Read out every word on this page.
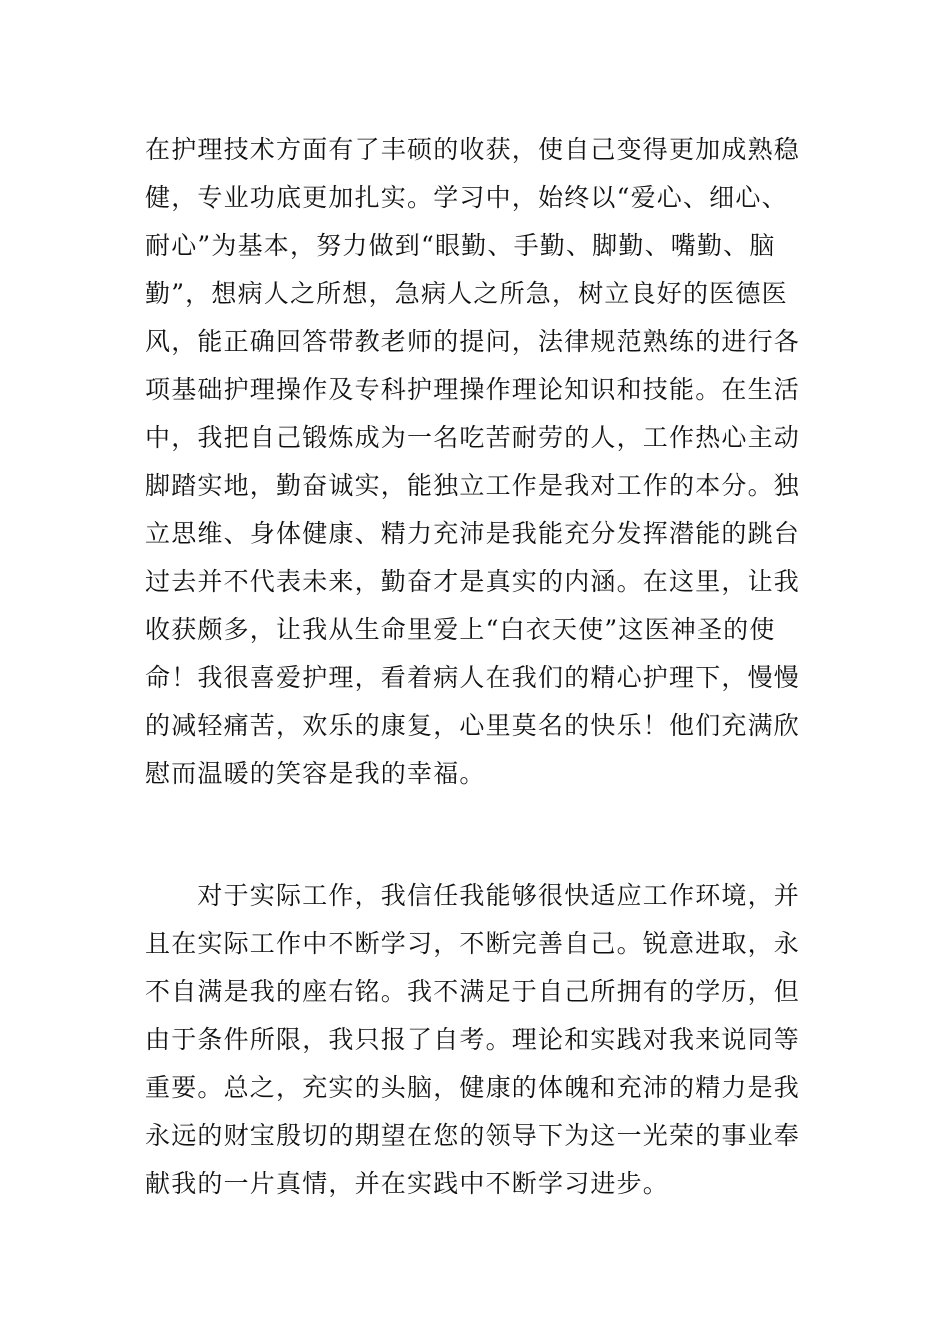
在护理技术方面有了丰硕的收获，使自己变得更加成熟稳
健，专业功底更加扎实。学习中，始终以“爱心、细心、
耐心”为基本，努力做到“眼勤、手勤、脚勤、嘴勤、脑
勤”，想病人之所想，急病人之所急，树立良好的医德医
风，能正确回答带教老师的提问，法律规范熟练的进行各
项基础护理操作及专科护理操作理论知识和技能。在生活
中，我把自己锻炼成为一名吃苦耐劳的人，工作热心主动
脚踏实地，勤奋诚实，能独立工作是我对工作的本分。独
立思维、身体健康、精力充沛是我能充分发挥潜能的跳台
过去并不代表未来，勤奋才是真实的内涵。在这里，让我
收获颇多，让我从生命里爱上“白衣天使”这医神圣的使
命！我很喜爱护理，看着病人在我们的精心护理下，慢慢
的减轻痛苦，欢乐的康复，心里莫名的快乐！他们充满欣
慰而温暖的笑容是我的幸福。
　　对于实际工作，我信任我能够很快适应工作环境，并
且在实际工作中不断学习，不断完善自己。锐意进取，永
不自满是我的座右铭。我不满足于自己所拥有的学历，但
由于条件所限，我只报了自考。理论和实践对我来说同等
重要。总之，充实的头脑，健康的体魄和充沛的精力是我
永远的财宝殷切的期望在您的领导下为这一光荣的事业奉
献我的一片真情，并在实践中不断学习进步。
